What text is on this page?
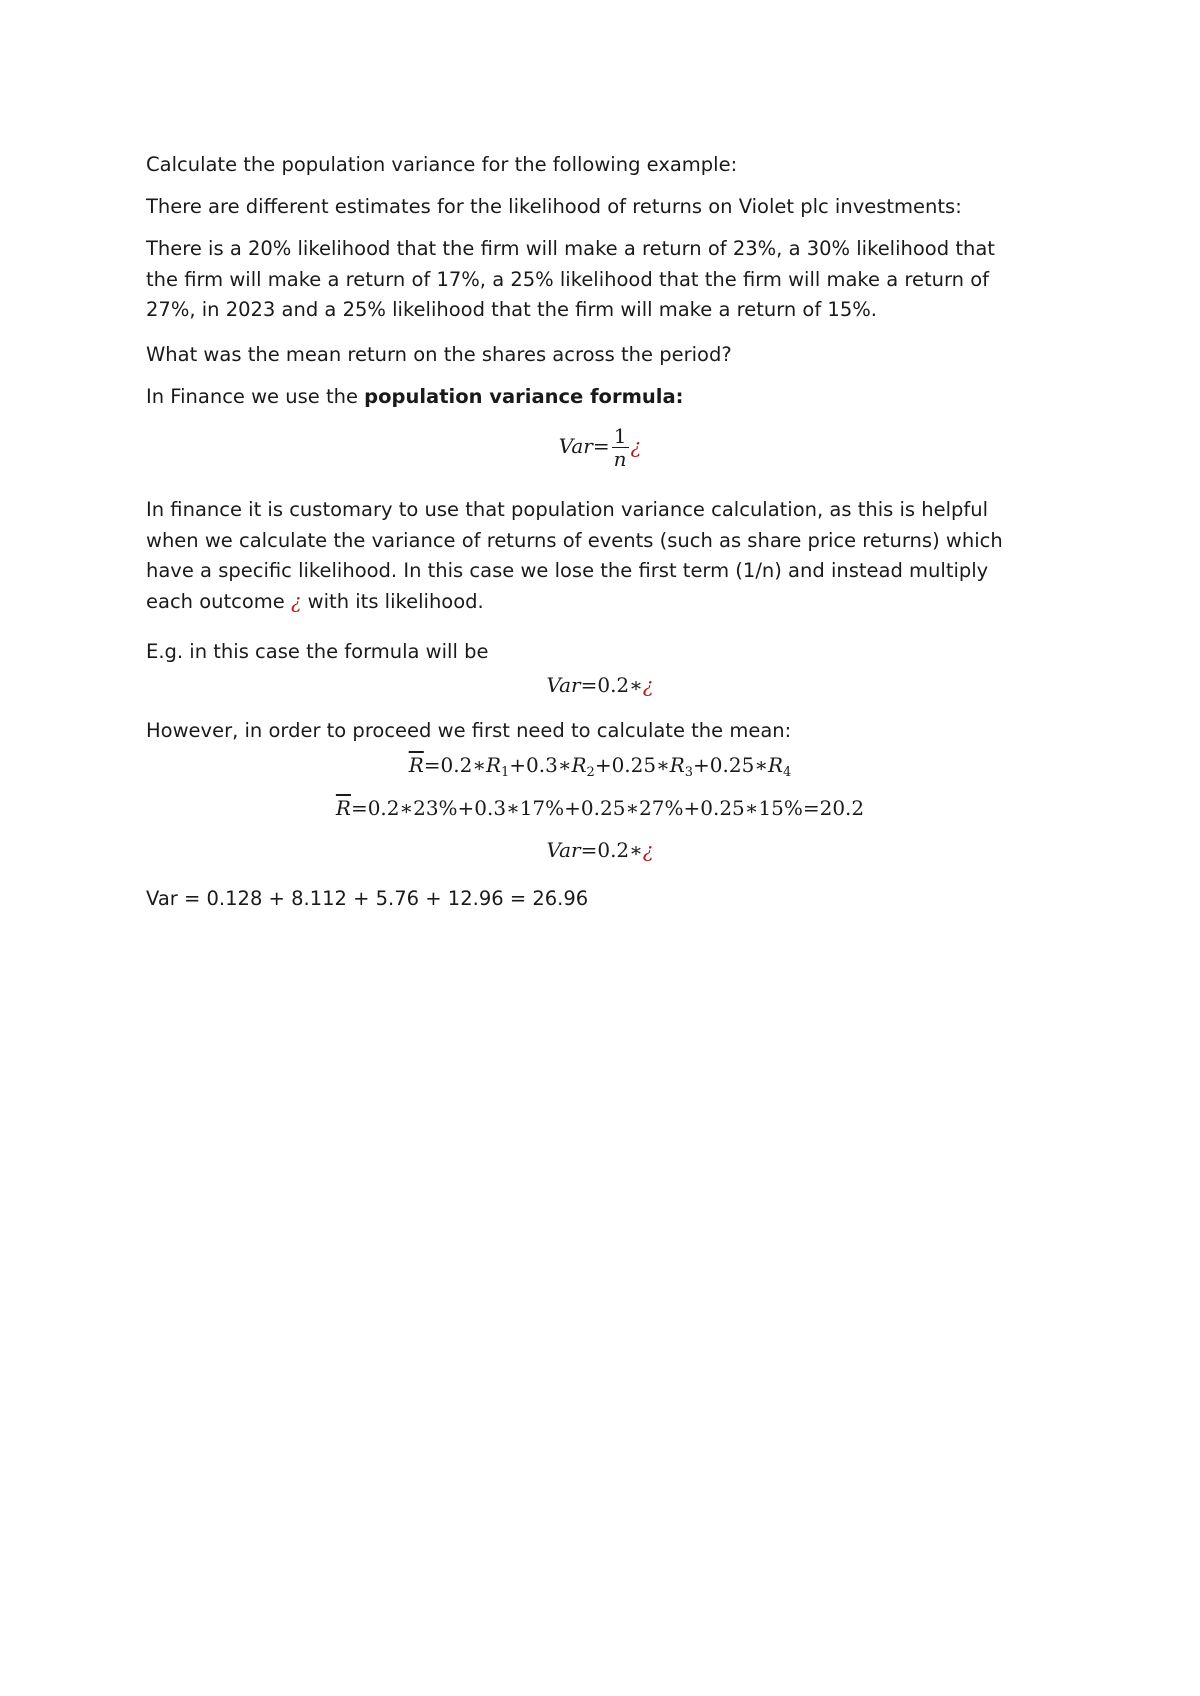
Calculate the population variance for the following example:

There are different estimates for the likelihood of returns on Violet plc investments:

There is a 20% likelihood that the firm will make a return of 23%, a 30% likelihood that
the firm will make a return of 17%, a 25% likelihood that the firm will make a return of
27%, in 2023 and a 25% likelihood that the firm will make a return of 15%.

What was the mean return on the shares across the period?

In Finance we use the population variance formula:

$Var= \frac{1}{n}$ ¿
In finance it is customary to use that population variance calculation, as this is helpful
when we calculate the variance of returns of events (such as share price returns) which
have a specific likelihood. In this case we lose the first term (1/n) and instead multiply
each outcome ¿ with its likelihood.

E.g. in this case the formula will be

Var=0.2∗¿

However, in order to proceed we first need to calculate the mean:

$\overline{R}=0.2∗R_1+0.3∗R_2+0.25∗R_3+0.25∗R_4$
$\overline{R}=0.2∗23\%+0.3∗17\%+0.25∗27\%+0.25∗15\%=20.2$
Var=0.2∗¿

Var = 0.128 + 8.112 + 5.76 + 12.96 = 26.96
